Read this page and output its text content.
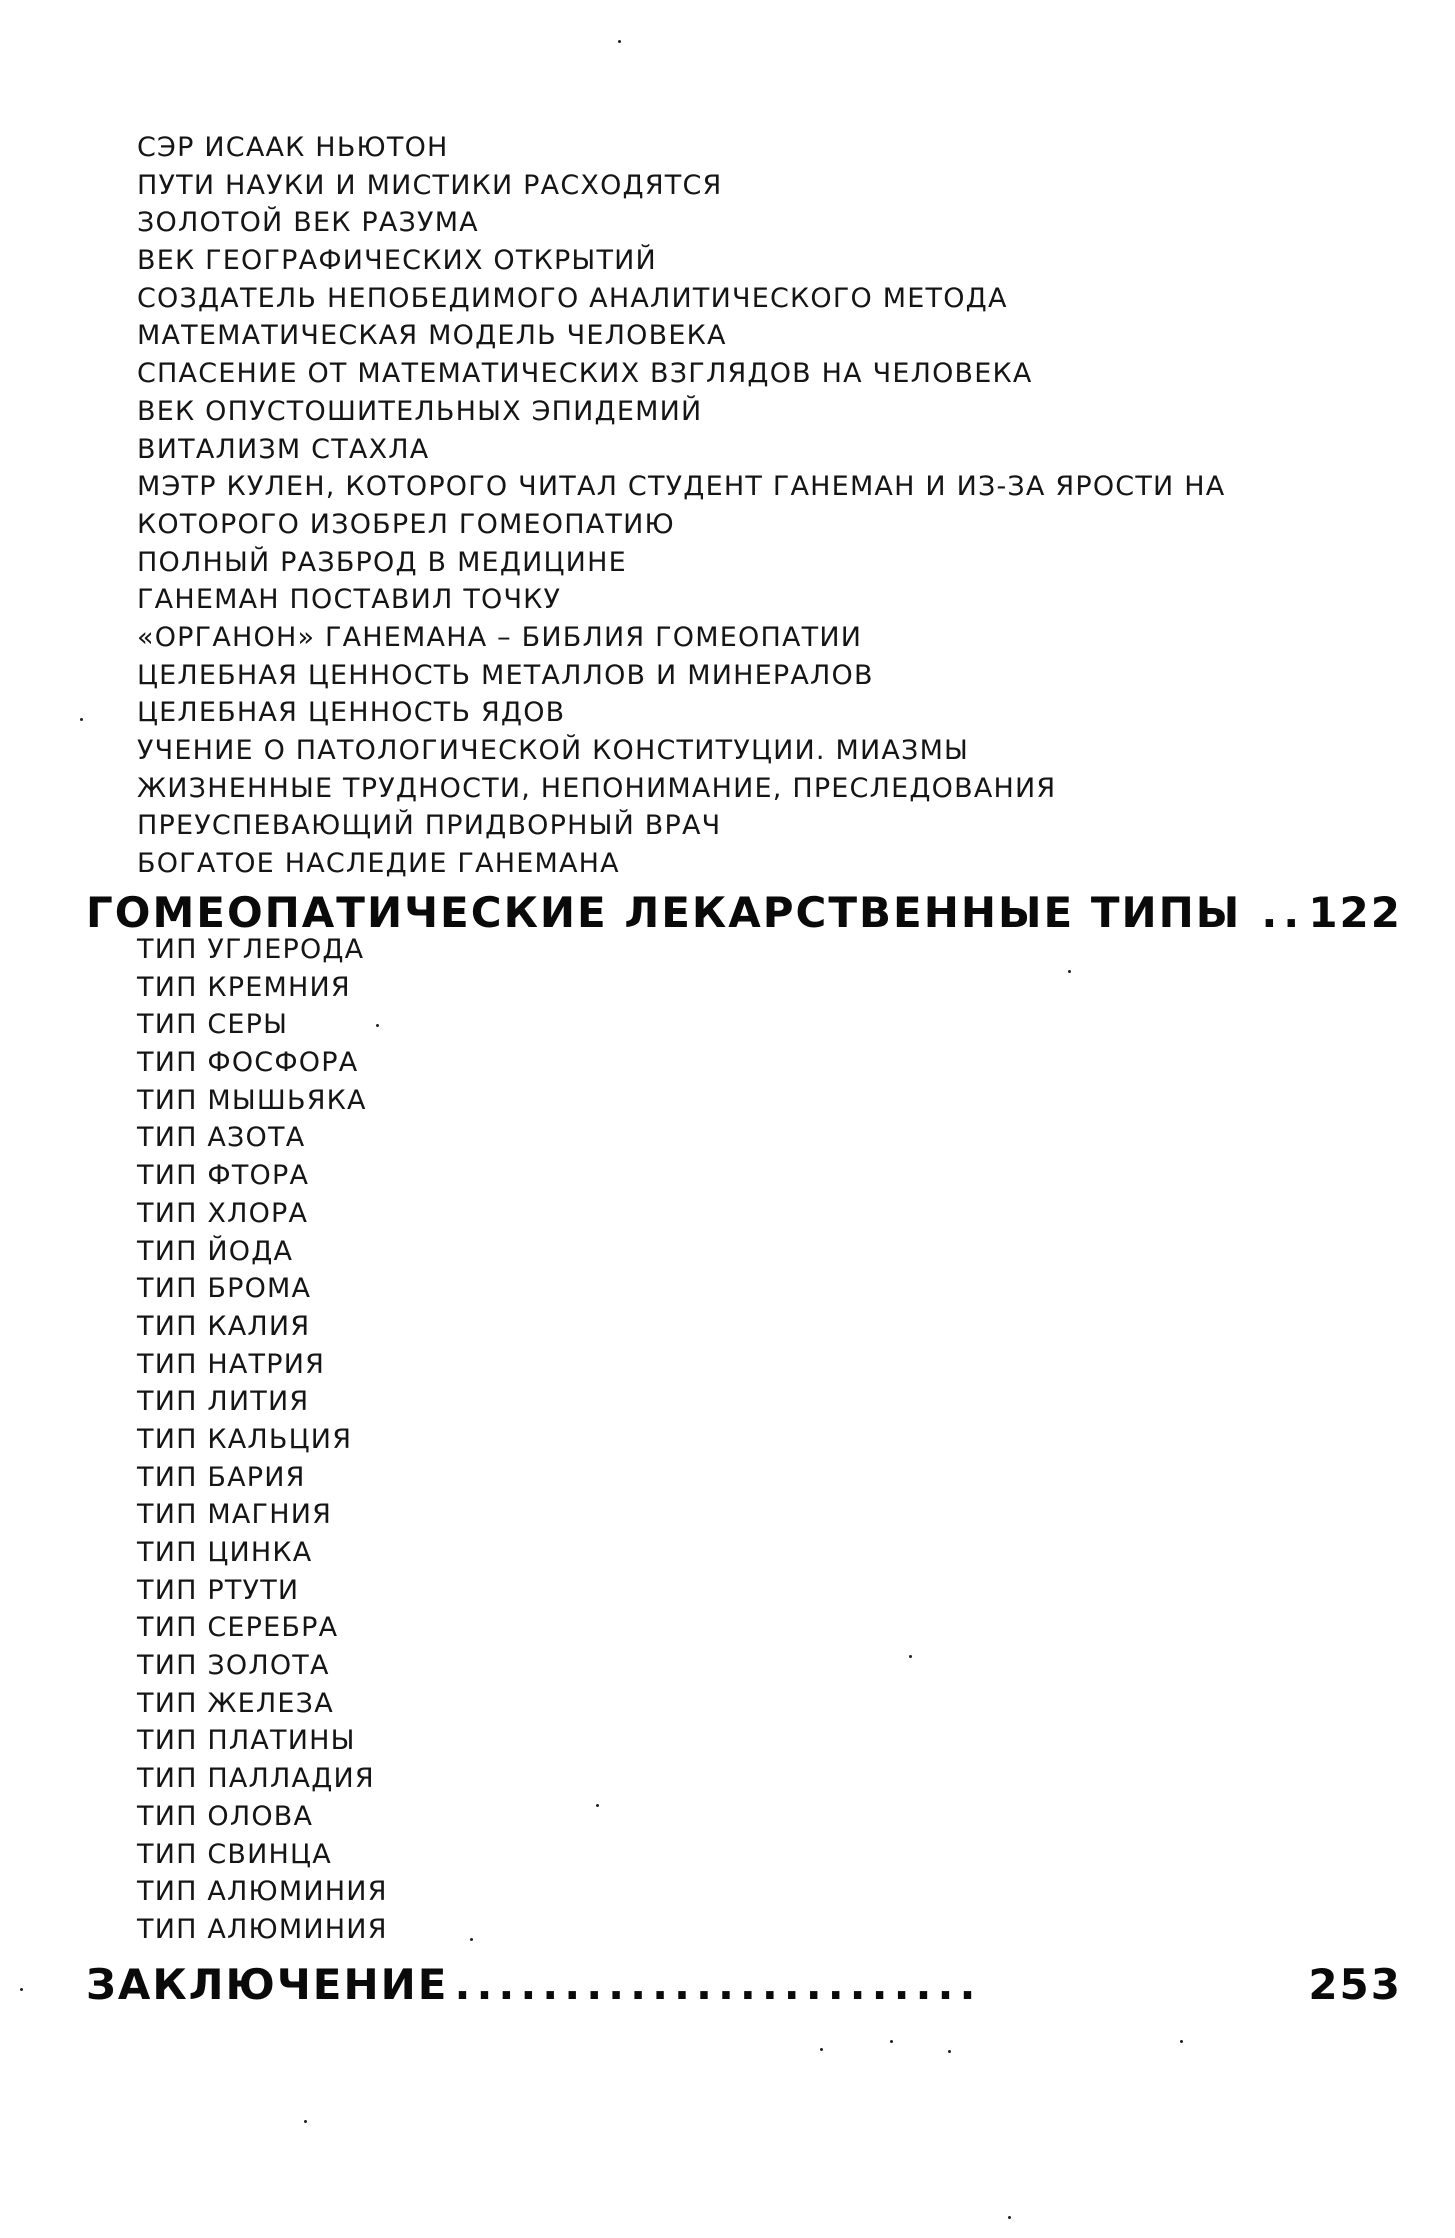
СЭР ИСААК НЬЮТОН
ПУТИ НАУКИ И МИСТИКИ РАСХОДЯТСЯ
ЗОЛОТОЙ ВЕК РАЗУМА
ВЕК ГЕОГРАФИЧЕСКИХ ОТКРЫТИЙ
СОЗДАТЕЛЬ НЕПОБЕДИМОГО АНАЛИТИЧЕСКОГО МЕТОДА
МАТЕМАТИЧЕСКАЯ МОДЕЛЬ ЧЕЛОВЕКА
СПАСЕНИЕ ОТ МАТЕМАТИЧЕСКИХ ВЗГЛЯДОВ НА ЧЕЛОВЕКА
ВЕК ОПУСТОШИТЕЛЬНЫХ ЭПИДЕМИЙ
ВИТАЛИЗМ СТАХЛА
МЭТР КУЛЕН, КОТОРОГО ЧИТАЛ СТУДЕНТ ГАНЕМАН И ИЗ-ЗА ЯРОСТИ НА
КОТОРОГО ИЗОБРЕЛ ГОМЕОПАТИЮ
ПОЛНЫЙ РАЗБРОД В МЕДИЦИНЕ
ГАНЕМАН ПОСТАВИЛ ТОЧКУ
«ОРГАНОН» ГАНЕМАНА – БИБЛИЯ ГОМЕОПАТИИ
ЦЕЛЕБНАЯ ЦЕННОСТЬ МЕТАЛЛОВ И МИНЕРАЛОВ
ЦЕЛЕБНАЯ ЦЕННОСТЬ ЯДОВ
УЧЕНИЕ О ПАТОЛОГИЧЕСКОЙ КОНСТИТУЦИИ. МИАЗМЫ
ЖИЗНЕННЫЕ ТРУДНОСТИ, НЕПОНИМАНИЕ, ПРЕСЛЕДОВАНИЯ
ПРЕУСПЕВАЮЩИЙ ПРИДВОРНЫЙ ВРАЧ
БОГАТОЕ НАСЛЕДИЕ ГАНЕМАНА
ГОМЕОПАТИЧЕСКИЕ ЛЕКАРСТВЕННЫЕ ТИПЫ .. 122
ТИП УГЛЕРОДА
ТИП КРЕМНИЯ
ТИП СЕРЫ
ТИП ФОСФОРА
ТИП МЫШЬЯКА
ТИП АЗОТА
ТИП ФТОРА
ТИП ХЛОРА
ТИП ЙОДА
ТИП БРОМА
ТИП КАЛИЯ
ТИП НАТРИЯ
ТИП ЛИТИЯ
ТИП КАЛЬЦИЯ
ТИП БАРИЯ
ТИП МАГНИЯ
ТИП ЦИНКА
ТИП РТУТИ
ТИП СЕРЕБРА
ТИП ЗОЛОТА
ТИП ЖЕЛЕЗА
ТИП ПЛАТИНЫ
ТИП ПАЛЛАДИЯ
ТИП ОЛОВА
ТИП СВИНЦА
ТИП АЛЮМИНИЯ
ТИП АЛЮМИНИЯ
ЗАКЛЮЧЕНИЕ ........................	253
